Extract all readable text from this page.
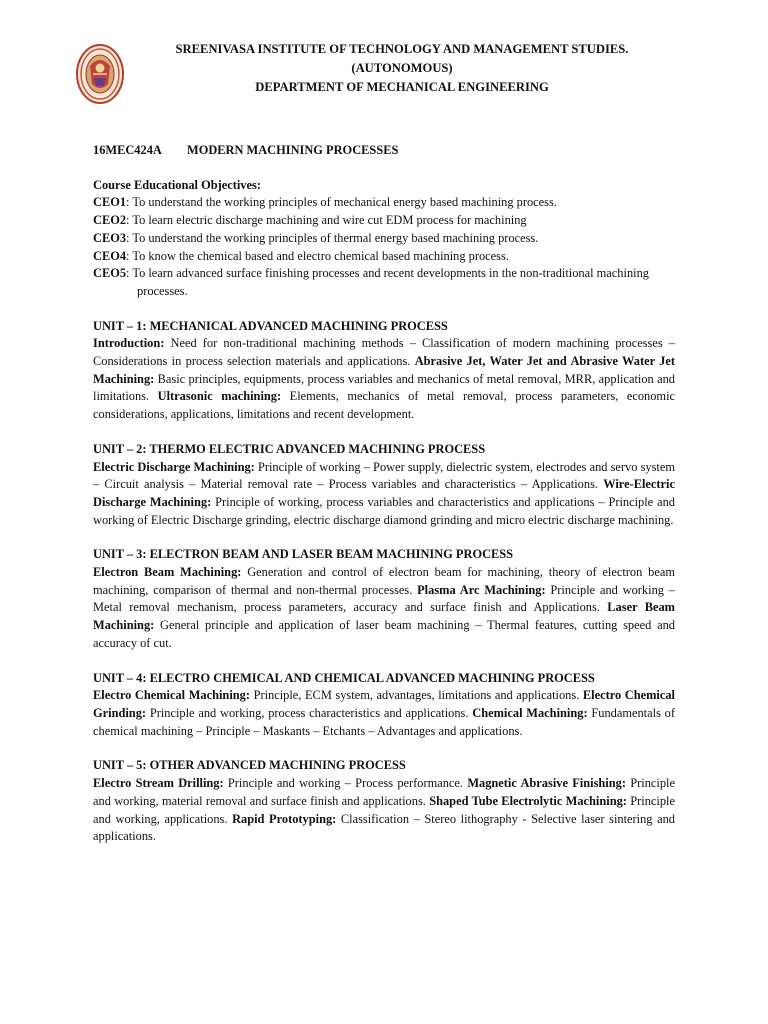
SREENIVASA INSTITUTE OF TECHNOLOGY AND MANAGEMENT STUDIES.
(AUTONOMOUS)
DEPARTMENT OF MECHANICAL ENGINEERING
16MEC424A MODERN MACHINING PROCESSES
Course Educational Objectives:
CEO1: To understand the working principles of mechanical energy based machining process.
CEO2: To learn electric discharge machining and wire cut EDM process for machining
CEO3: To understand the working principles of thermal energy based machining process.
CEO4: To know the chemical based and electro chemical based machining process.
CEO5: To learn advanced surface finishing processes and recent developments in the non-traditional machining processes.
UNIT – 1: MECHANICAL ADVANCED MACHINING PROCESS
Introduction: Need for non-traditional machining methods – Classification of modern machining processes – Considerations in process selection materials and applications. Abrasive Jet, Water Jet and Abrasive Water Jet Machining: Basic principles, equipments, process variables and mechanics of metal removal, MRR, application and limitations. Ultrasonic machining: Elements, mechanics of metal removal, process parameters, economic considerations, applications, limitations and recent development.
UNIT – 2: THERMO ELECTRIC ADVANCED MACHINING PROCESS
Electric Discharge Machining: Principle of working – Power supply, dielectric system, electrodes and servo system – Circuit analysis – Material removal rate – Process variables and characteristics – Applications. Wire-Electric Discharge Machining: Principle of working, process variables and characteristics and applications – Principle and working of Electric Discharge grinding, electric discharge diamond grinding and micro electric discharge machining.
UNIT – 3: ELECTRON BEAM AND LASER BEAM MACHINING PROCESS
Electron Beam Machining: Generation and control of electron beam for machining, theory of electron beam machining, comparison of thermal and non-thermal processes. Plasma Arc Machining: Principle and working – Metal removal mechanism, process parameters, accuracy and surface finish and Applications. Laser Beam Machining: General principle and application of laser beam machining – Thermal features, cutting speed and accuracy of cut.
UNIT – 4: ELECTRO CHEMICAL AND CHEMICAL ADVANCED MACHINING PROCESS
Electro Chemical Machining: Principle, ECM system, advantages, limitations and applications. Electro Chemical Grinding: Principle and working, process characteristics and applications. Chemical Machining: Fundamentals of chemical machining – Principle – Maskants – Etchants – Advantages and applications.
UNIT – 5: OTHER ADVANCED MACHINING PROCESS
Electro Stream Drilling: Principle and working – Process performance. Magnetic Abrasive Finishing: Principle and working, material removal and surface finish and applications. Shaped Tube Electrolytic Machining: Principle and working, applications. Rapid Prototyping: Classification – Stereo lithography - Selective laser sintering and applications.
